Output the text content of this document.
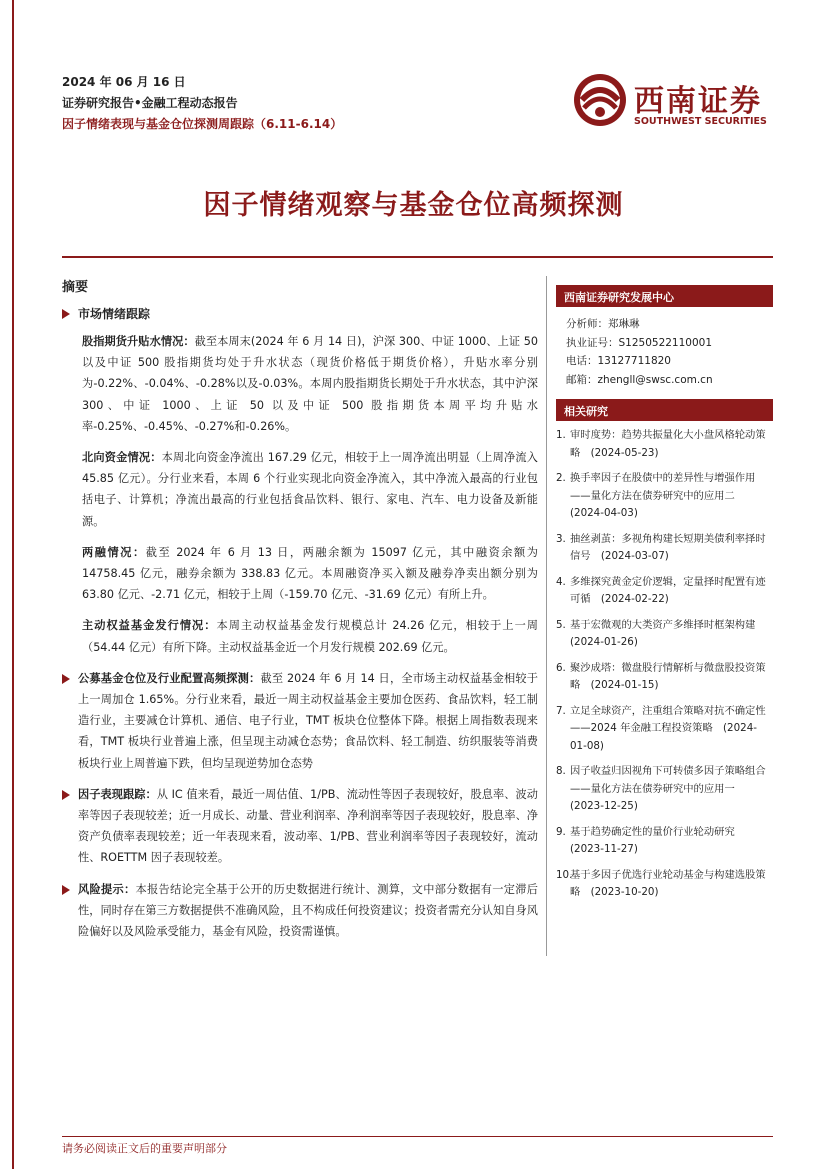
2024 年 06 月 16 日
证券研究报告•金融工程动态报告
因子情绪表现与基金仓位探测周跟踪（6.11-6.14）
西南证券
SOUTHWEST SECURITIES
因子情绪观察与基金仓位高频探测
摘要
市场情绪跟踪

股指期货升贴水情况：截至本周末(2024 年 6 月 14 日)，沪深 300、中证 1000、上证 50 以及中证 500 股指期货均处于升水状态（现货价格低于期货价格），升贴水率分别为-0.22%、-0.04%、-0.28%以及-0.03%。本周内股指期货长期处于升水状态，其中沪深 300、中证 1000、上证 50 以及中证 500 股指期货本周平均升贴水率-0.25%、-0.45%、-0.27%和-0.26%。

北向资金情况：本周北向资金净流出 167.29 亿元，相较于上一周净流出明显（上周净流入 45.85 亿元）。分行业来看，本周 6 个行业实现北向资金净流入，其中净流入最高的行业包括电子、计算机；净流出最高的行业包括食品饮料、银行、家电、汽车、电力设备及新能源。

两融情况：截至 2024 年 6 月 13 日，两融余额为 15097 亿元，其中融资余额为 14758.45 亿元，融券余额为 338.83 亿元。本周融资净买入额及融券净卖出额分别为 63.80 亿元、-2.71 亿元，相较于上周（-159.70 亿元、-31.69 亿元）有所上升。

主动权益基金发行情况：本周主动权益基金发行规模总计 24.26 亿元，相较于上一周（54.44 亿元）有所下降。主动权益基金近一个月发行规模 202.69 亿元。

公募基金仓位及行业配置高频探测：截至 2024 年 6 月 14 日，全市场主动权益基金相较于上一周加仓 1.65%。分行业来看，最近一周主动权益基金主要加仓医药、食品饮料，轻工制造行业，主要减仓计算机、通信、电子行业，TMT 板块仓位整体下降。根据上周指数表现来看，TMT 板块行业普遍上涨，但呈现主动减仓态势；食品饮料、轻工制造、纺织服装等消费板块行业上周普遍下跌，但均呈现逆势加仓态势
因子表现跟踪：从 IC 值来看，最近一周估值、1/PB、流动性等因子表现较好，股息率、波动率等因子表现较差；近一月成长、动量、营业利润率、净利润率等因子表现较好，股息率、净资产负债率表现较差；近一年表现来看，波动率、1/PB、营业利润率等因子表现较好，流动性、ROETTM 因子表现较差。
风险提示：本报告结论完全基于公开的历史数据进行统计、测算，文中部分数据有一定滞后性，同时存在第三方数据提供不准确风险，且不构成任何投资建议；投资者需充分认知自身风险偏好以及风险承受能力，基金有风险，投资需谨慎。
西南证券研究发展中心
分析师：郑琳琳
执业证号：S1250522110001
电话：13127711820
邮箱：zhengll@swsc.com.cn
相关研究
1. 审时度势：趋势共振量化大小盘风格轮动策略　(2024-05-23)
2. 换手率因子在股债中的差异性与增强作用——量化方法在债券研究中的应用二　(2024-04-03)
3. 抽丝剥茧：多视角构建长短期美债利率择时信号　(2024-03-07)
4. 多维探究黄金定价逻辑，定量择时配置有迹可循　(2024-02-22)
5. 基于宏微观的大类资产多维择时框架构建　(2024-01-26)
6. 聚沙成塔：微盘股行情解析与微盘股投资策略　(2024-01-15)
7. 立足全球资产，注重组合策略对抗不确定性——2024 年金融工程投资策略　(2024-01-08)
8. 因子收益归因视角下可转债多因子策略组合——量化方法在债券研究中的应用一　(2023-12-25)
9. 基于趋势确定性的量价行业轮动研究　(2023-11-27)
10.
基于多因子优选行业轮动基金与构建选股策略　(2023-10-20)
请务必阅读正文后的重要声明部分
